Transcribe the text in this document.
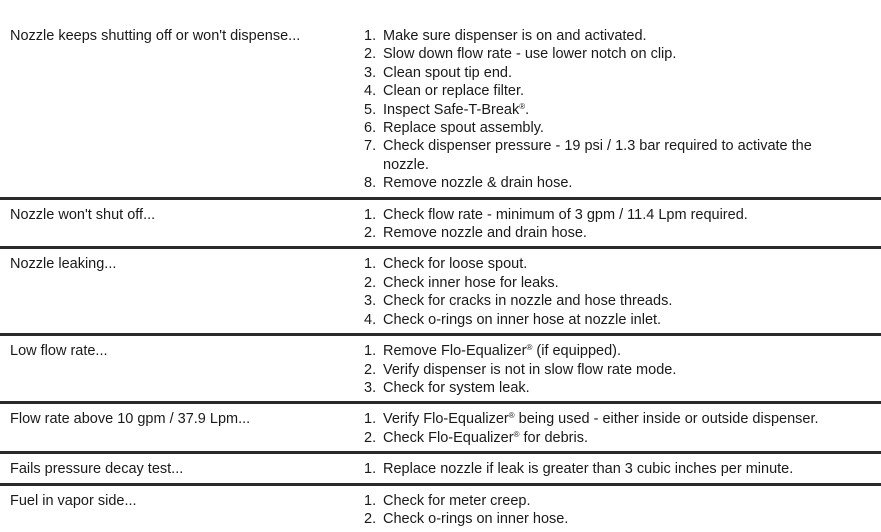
Nozzle keeps shutting off or won't dispense...	1. Make sure dispenser is on and activated.
2. Slow down flow rate - use lower notch on clip.
3. Clean spout tip end.
4. Clean or replace filter.
5. Inspect Safe-T-Break®.
6. Replace spout assembly.
7. Check dispenser pressure - 19 psi / 1.3 bar required to activate the nozzle.
8. Remove nozzle & drain hose.
Nozzle won't shut off...	1. Check flow rate - minimum of 3 gpm / 11.4 Lpm required.
2. Remove nozzle and drain hose.
Nozzle leaking...	1. Check for loose spout.
2. Check inner hose for leaks.
3. Check for cracks in nozzle and hose threads.
4. Check o-rings on inner hose at nozzle inlet.
Low flow rate...	1. Remove Flo-Equalizer® (if equipped).
2. Verify dispenser is not in slow flow rate mode.
3. Check for system leak.
Flow rate above 10 gpm / 37.9 Lpm...	1. Verify Flo-Equalizer® being used - either inside or outside dispenser.
2. Check Flo-Equalizer® for debris.
Fails pressure decay test...	1. Replace nozzle if leak is greater than 3 cubic inches per minute.
Fuel in vapor side...	1. Check for meter creep.
2. Check o-rings on inner hose.
